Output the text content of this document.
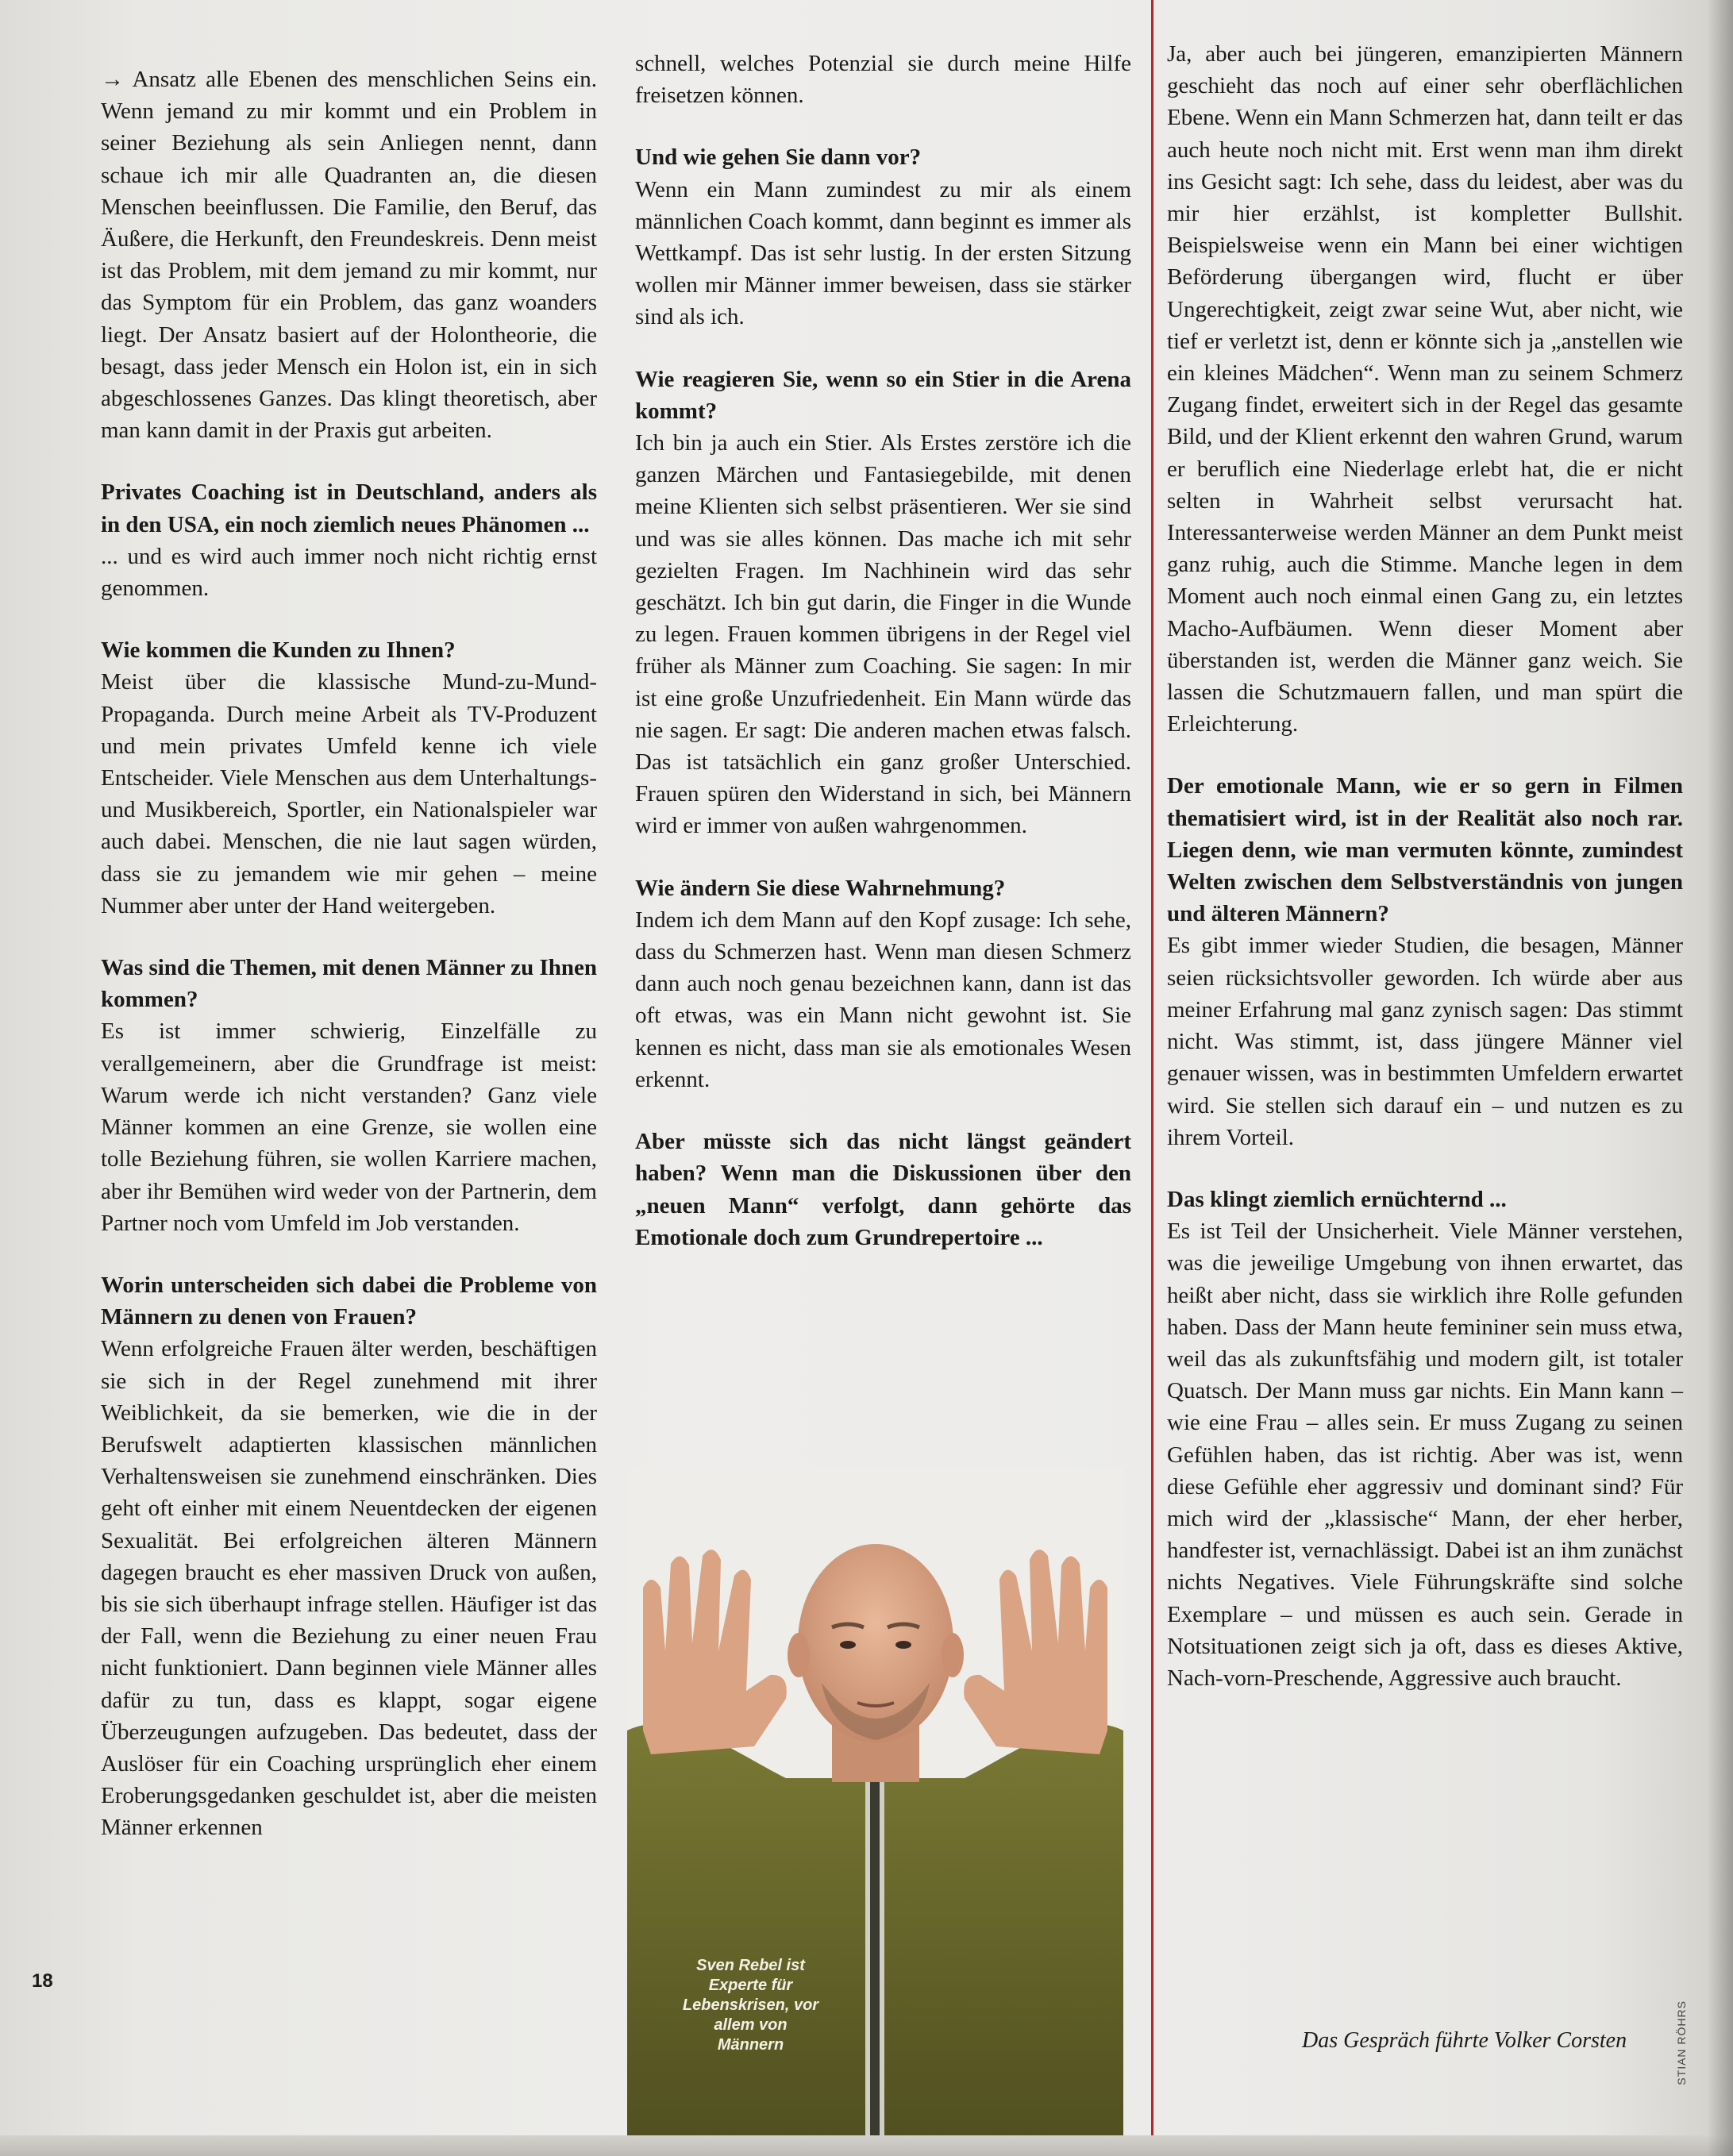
→ Ansatz alle Ebenen des menschlichen Seins ein. Wenn jemand zu mir kommt und ein Problem in seiner Beziehung als sein Anliegen nennt, dann schaue ich mir alle Quadranten an, die diesen Menschen beeinflussen. Die Familie, den Beruf, das Äußere, die Herkunft, den Freundeskreis. Denn meist ist das Problem, mit dem jemand zu mir kommt, nur das Symptom für ein Problem, das ganz woanders liegt. Der Ansatz basiert auf der Holontheorie, die besagt, dass jeder Mensch ein Holon ist, ein in sich abgeschlossenes Ganzes. Das klingt theoretisch, aber man kann damit in der Praxis gut arbeiten.

Privates Coaching ist in Deutschland, anders als in den USA, ein noch ziemlich neues Phänomen ...

... und es wird auch immer noch nicht richtig ernst genommen.

Wie kommen die Kunden zu Ihnen?

Meist über die klassische Mund-zu-Mund-Propaganda. Durch meine Arbeit als TV-Produzent und mein privates Umfeld kenne ich viele Entscheider. Viele Menschen aus dem Unterhaltungs- und Musikbereich, Sportler, ein Nationalspieler war auch dabei. Menschen, die nie laut sagen würden, dass sie zu jemandem wie mir gehen – meine Nummer aber unter der Hand weitergeben.

Was sind die Themen, mit denen Männer zu Ihnen kommen?

Es ist immer schwierig, Einzelfälle zu verallgemeinern, aber die Grundfrage ist meist: Warum werde ich nicht verstanden? Ganz viele Männer kommen an eine Grenze, sie wollen eine tolle Beziehung führen, sie wollen Karriere machen, aber ihr Bemühen wird weder von der Partnerin, dem Partner noch vom Umfeld im Job verstanden.

Worin unterscheiden sich dabei die Probleme von Männern zu denen von Frauen?

Wenn erfolgreiche Frauen älter werden, beschäftigen sie sich in der Regel zunehmend mit ihrer Weiblichkeit, da sie bemerken, wie die in der Berufswelt adaptierten klassischen männlichen Verhaltensweisen sie zunehmend einschränken. Dies geht oft einher mit einem Neuentdecken der eigenen Sexualität. Bei erfolgreichen älteren Männern dagegen braucht es eher massiven Druck von außen, bis sie sich überhaupt infrage stellen. Häufiger ist das der Fall, wenn die Beziehung zu einer neuen Frau nicht funktioniert. Dann beginnen viele Männer alles dafür zu tun, dass es klappt, sogar eigene Überzeugungen aufzugeben. Das bedeutet, dass der Auslöser für ein Coaching ursprünglich eher einem Eroberungsgedanken geschuldet ist, aber die meisten Männer erkennen

schnell, welches Potenzial sie durch meine Hilfe freisetzen können.

Und wie gehen Sie dann vor?

Wenn ein Mann zumindest zu mir als einem männlichen Coach kommt, dann beginnt es immer als Wettkampf. Das ist sehr lustig. In der ersten Sitzung wollen mir Männer immer beweisen, dass sie stärker sind als ich.

Wie reagieren Sie, wenn so ein Stier in die Arena kommt?

Ich bin ja auch ein Stier. Als Erstes zerstöre ich die ganzen Märchen und Fantasiegebilde, mit denen meine Klienten sich selbst präsentieren. Wer sie sind und was sie alles können. Das mache ich mit sehr gezielten Fragen. Im Nachhinein wird das sehr geschätzt. Ich bin gut darin, die Finger in die Wunde zu legen. Frauen kommen übrigens in der Regel viel früher als Männer zum Coaching. Sie sagen: In mir ist eine große Unzufriedenheit. Ein Mann würde das nie sagen. Er sagt: Die anderen machen etwas falsch. Das ist tatsächlich ein ganz großer Unterschied. Frauen spüren den Widerstand in sich, bei Männern wird er immer von außen wahrgenommen.

Wie ändern Sie diese Wahrnehmung?

Indem ich dem Mann auf den Kopf zusage: Ich sehe, dass du Schmerzen hast. Wenn man diesen Schmerz dann auch noch genau bezeichnen kann, dann ist das oft etwas, was ein Mann nicht gewohnt ist. Sie kennen es nicht, dass man sie als emotionales Wesen erkennt.

Aber müsste sich das nicht längst geändert haben? Wenn man die Diskussionen über den „neuen Mann“ verfolgt, dann gehörte das Emotionale doch zum Grundrepertoire ...

Sven Rebel ist Experte für Lebenskrisen, vor allem von Männern

Ja, aber auch bei jüngeren, emanzipierten Männern geschieht das noch auf einer sehr oberflächlichen Ebene. Wenn ein Mann Schmerzen hat, dann teilt er das auch heute noch nicht mit. Erst wenn man ihm direkt ins Gesicht sagt: Ich sehe, dass du leidest, aber was du mir hier erzählst, ist kompletter Bullshit. Beispielsweise wenn ein Mann bei einer wichtigen Beförderung übergangen wird, flucht er über Ungerechtigkeit, zeigt zwar seine Wut, aber nicht, wie tief er verletzt ist, denn er könnte sich ja „anstellen wie ein kleines Mädchen“. Wenn man zu seinem Schmerz Zugang findet, erweitert sich in der Regel das gesamte Bild, und der Klient erkennt den wahren Grund, warum er beruflich eine Niederlage erlebt hat, die er nicht selten in Wahrheit selbst verursacht hat. Interessanterweise werden Männer an dem Punkt meist ganz ruhig, auch die Stimme. Manche legen in dem Moment auch noch einmal einen Gang zu, ein letztes Macho-Aufbäumen. Wenn dieser Moment aber überstanden ist, werden die Männer ganz weich. Sie lassen die Schutzmauern fallen, und man spürt die Erleichterung.

Der emotionale Mann, wie er so gern in Filmen thematisiert wird, ist in der Realität also noch rar. Liegen denn, wie man vermuten könnte, zumindest Welten zwischen dem Selbstverständnis von jungen und älteren Männern?

Es gibt immer wieder Studien, die besagen, Männer seien rücksichtsvoller geworden. Ich würde aber aus meiner Erfahrung mal ganz zynisch sagen: Das stimmt nicht. Was stimmt, ist, dass jüngere Männer viel genauer wissen, was in bestimmten Umfeldern erwartet wird. Sie stellen sich darauf ein – und nutzen es zu ihrem Vorteil.

Das klingt ziemlich ernüchternd ...

Es ist Teil der Unsicherheit. Viele Männer verstehen, was die jeweilige Umgebung von ihnen erwartet, das heißt aber nicht, dass sie wirklich ihre Rolle gefunden haben. Dass der Mann heute femininer sein muss etwa, weil das als zukunftsfähig und modern gilt, ist totaler Quatsch. Der Mann muss gar nichts. Ein Mann kann – wie eine Frau – alles sein. Er muss Zugang zu seinen Gefühlen haben, das ist richtig. Aber was ist, wenn diese Gefühle eher aggressiv und dominant sind? Für mich wird der „klassische“ Mann, der eher herber, handfester ist, vernachlässigt. Dabei ist an ihm zunächst nichts Negatives. Viele Führungskräfte sind solche Exemplare – und müssen es auch sein. Gerade in Notsituationen zeigt sich ja oft, dass es dieses Aktive, Nach-vorn-Preschende, Aggressive auch braucht.

Das Gespräch führte Volker Corsten	STIAN RÖHRS
18
